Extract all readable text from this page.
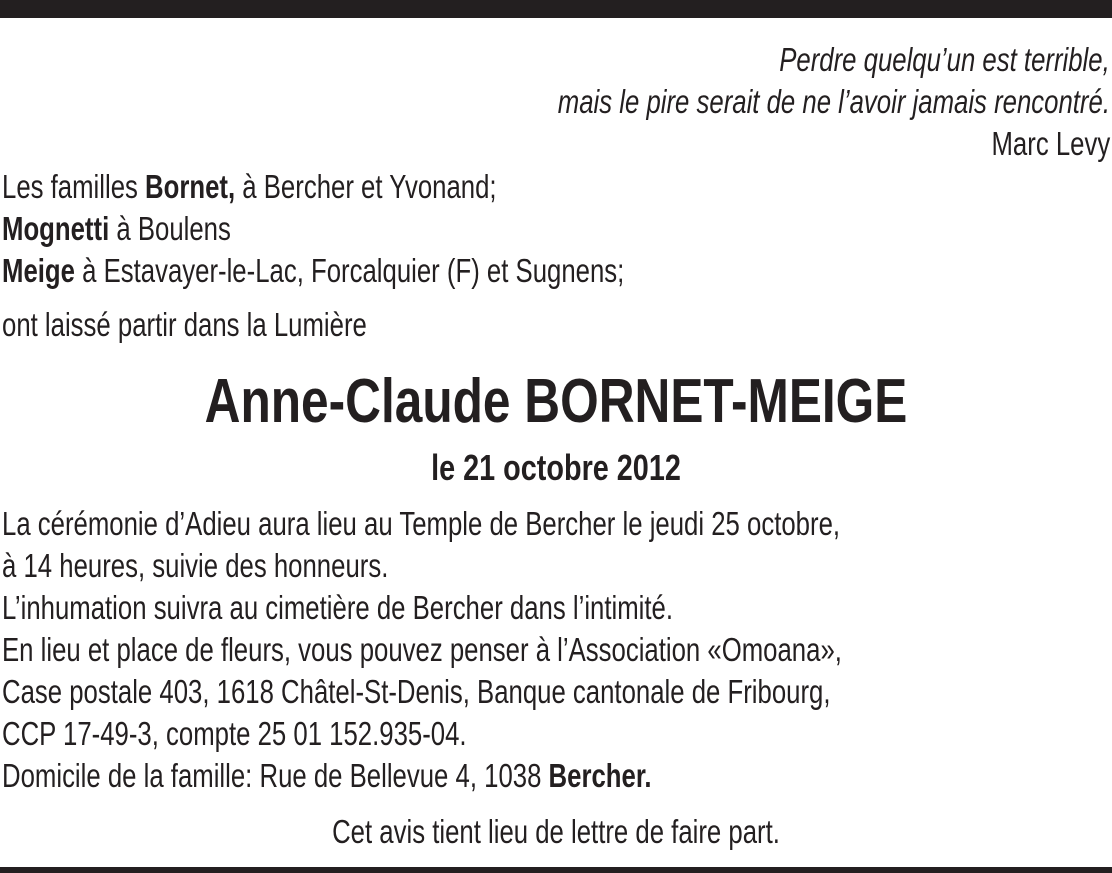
Perdre quelqu’un est terrible,
mais le pire serait de ne l’avoir jamais rencontré.
Marc Levy
Les familles Bornet, à Bercher et Yvonand;
Mognetti à Boulens
Meige à Estavayer-le-Lac, Forcalquier (F) et Sugnens;
ont laissé partir dans la Lumière
Anne-Claude BORNET-MEIGE
le 21 octobre 2012
La cérémonie d’Adieu aura lieu au Temple de Bercher le jeudi 25 octobre,
à 14 heures, suivie des honneurs.
L’inhumation suivra au cimetière de Bercher dans l’intimité.
En lieu et place de fleurs, vous pouvez penser à l’Association «Omoana»,
Case postale 403, 1618 Châtel-St-Denis, Banque cantonale de Fribourg,
CCP 17-49-3, compte 25 01 152.935-04.
Domicile de la famille: Rue de Bellevue 4, 1038 Bercher.
Cet avis tient lieu de lettre de faire part.
